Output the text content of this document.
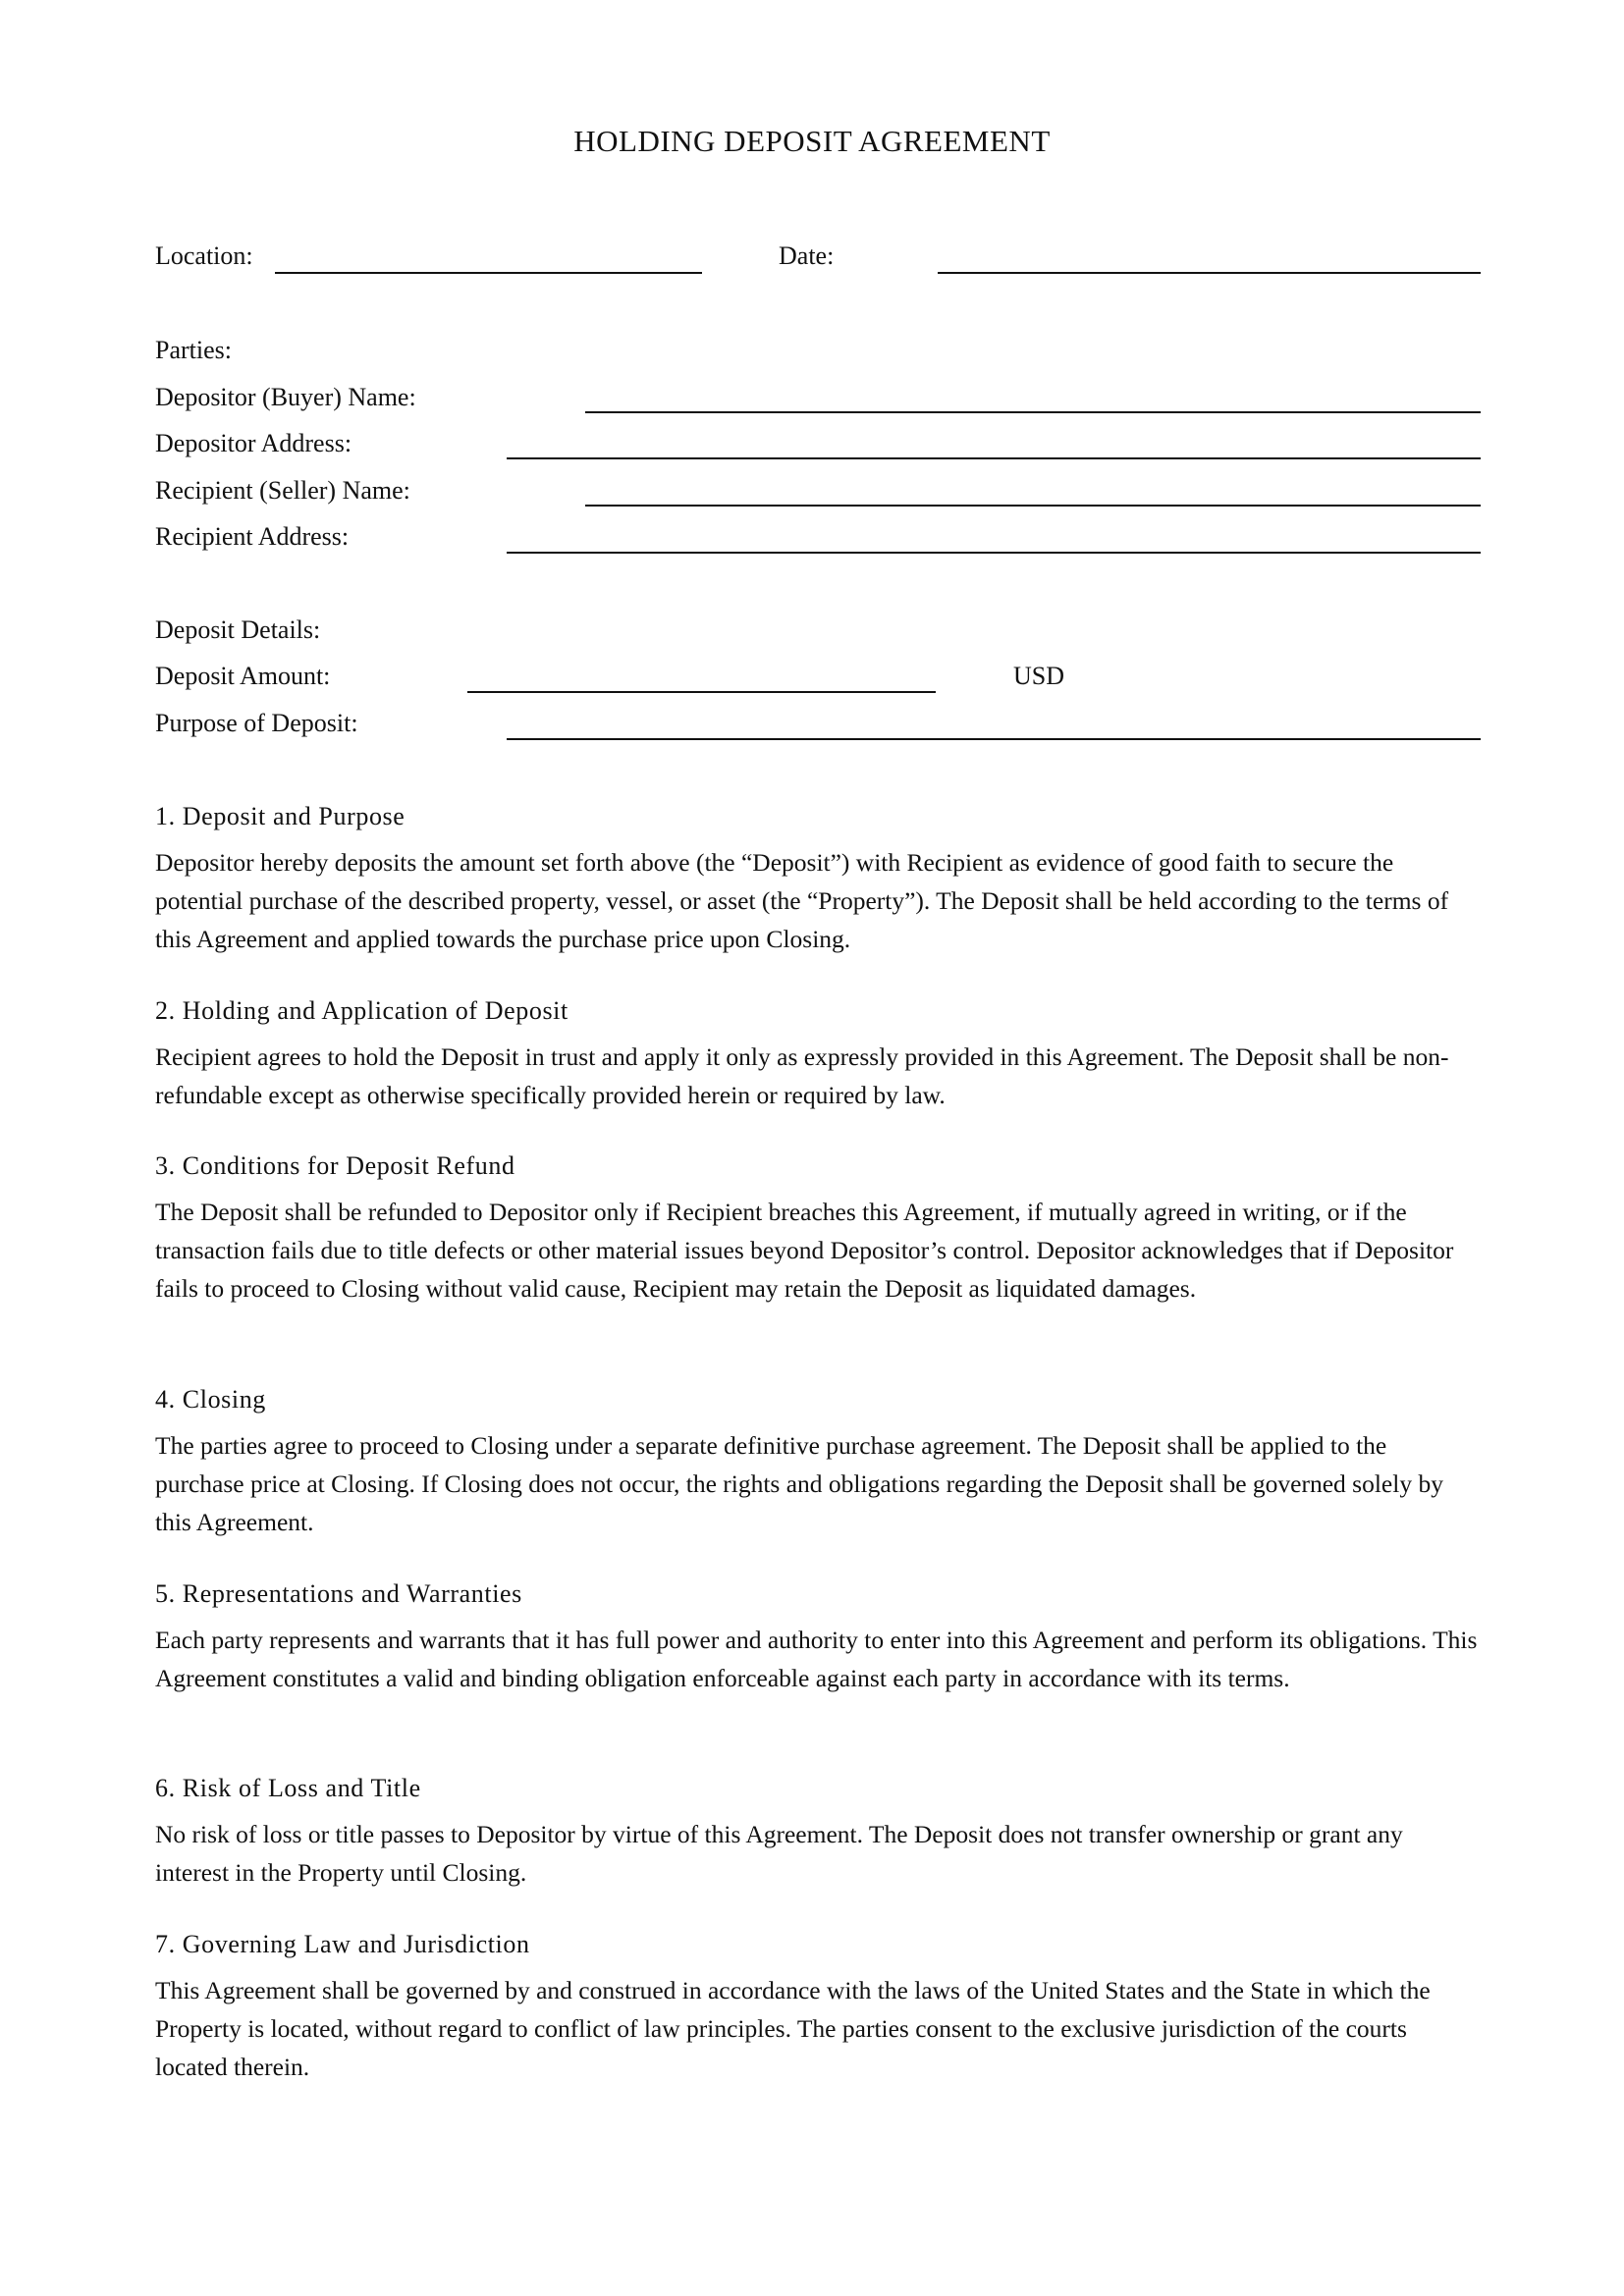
HOLDING DEPOSIT AGREEMENT
Location:	Date:
Parties:
Depositor (Buyer) Name:
Depositor Address:
Recipient (Seller) Name:
Recipient Address:
Deposit Details:
Deposit Amount:	USD
Purpose of Deposit:
1. Deposit and Purpose

Depositor hereby deposits the amount set forth above (the “Deposit”) with Recipient as evidence of good faith to secure the potential purchase of the described property, vessel, or asset (the “Property”). The Deposit shall be held according to the terms of this Agreement and applied towards the purchase price upon Closing.

2. Holding and Application of Deposit

Recipient agrees to hold the Deposit in trust and apply it only as expressly provided in this Agreement. The Deposit shall be non-refundable except as otherwise specifically provided herein or required by law.

3. Conditions for Deposit Refund

The Deposit shall be refunded to Depositor only if Recipient breaches this Agreement, if mutually agreed in writing, or if the transaction fails due to title defects or other material issues beyond Depositor’s control. Depositor acknowledges that if Depositor fails to proceed to Closing without valid cause, Recipient may retain the Deposit as liquidated damages.

4. Closing

The parties agree to proceed to Closing under a separate definitive purchase agreement. The Deposit shall be applied to the purchase price at Closing. If Closing does not occur, the rights and obligations regarding the Deposit shall be governed solely by this Agreement.

5. Representations and Warranties

Each party represents and warrants that it has full power and authority to enter into this Agreement and perform its obligations. This Agreement constitutes a valid and binding obligation enforceable against each party in accordance with its terms.

6. Risk of Loss and Title

No risk of loss or title passes to Depositor by virtue of this Agreement. The Deposit does not transfer ownership or grant any interest in the Property until Closing.

7. Governing Law and Jurisdiction

This Agreement shall be governed by and construed in accordance with the laws of the United States and the State in which the Property is located, without regard to conflict of law principles. The parties consent to the exclusive jurisdiction of the courts located therein.
